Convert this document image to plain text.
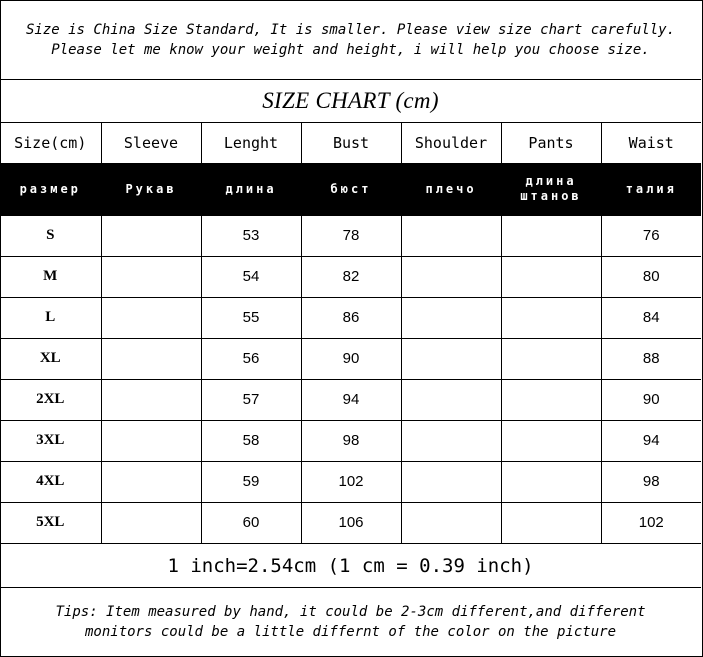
Size is China Size Standard, It is smaller. Please view size chart carefully.
Please let me know your weight and height, i will help you choose size.
SIZE CHART (cm)
Size(cm)	Sleeve	Lenght	Bust	Shoulder	Pants	Waist
размер	Рукав	длина	бюст	плечо	длина штанов	талия
S		53	78			76
M		54	82			80
L		55	86			84
XL		56	90			88
2XL		57	94			90
3XL		58	98			94
4XL		59	102			98
5XL		60	106			102
1 inch=2.54cm (1 cm = 0.39 inch)
Tips: Item measured by hand, it could be 2-3cm different,and different
monitors could be a little differnt of the color on the picture
